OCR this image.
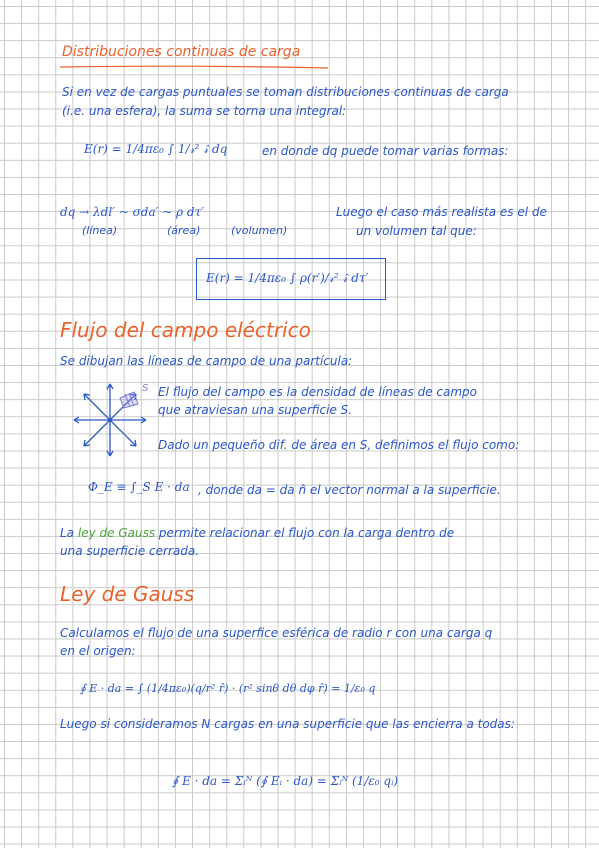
Distribuciones continuas de carga
Si en vez de cargas puntuales se toman distribuciones continuas de carga
(i.e. una esfera), la suma se torna una integral:
E(r) = 1/4πε₀ ∫ 1/𝓇² 𝓇̂ dq	en donde dq puede tomar varias formas:
dq → λdl′ ~ σda′ ~ ρ dτ′
(línea)	(área)	(volumen)
Luego el caso más realista es el de
un volumen tal que:
E(r) = 1/4πε₀ ∫ ρ(r′)/𝓇² 𝓇̂ dτ′
Flujo del campo eléctrico
Se dibujan las líneas de campo de una partícula:
S El flujo del campo es la densidad de líneas de campo
que atraviesan una superficie S.
Dado un pequeño dif. de área en S, definimos el flujo como:
Φ_E ≡ ∫_S E · da , donde da = da n̂ el vector normal a la superficie.
La ley de Gauss permite relacionar el flujo con la carga dentro de
una superficie cerrada.
Ley de Gauss
Calculamos el flujo de una superfice esférica de radio r con una carga q
en el origen:
∮ E · da = ∫ (1/4πε₀)(q/r² r̂) · (r² sinθ dθ dφ r̂) = 1/ε₀ q
Luego si consideramos N cargas en una superficie que las encierra a todas:
∮ E · da = Σᵢᴺ (∮ Eᵢ · da) = Σᵢᴺ (1/ε₀ qᵢ)
